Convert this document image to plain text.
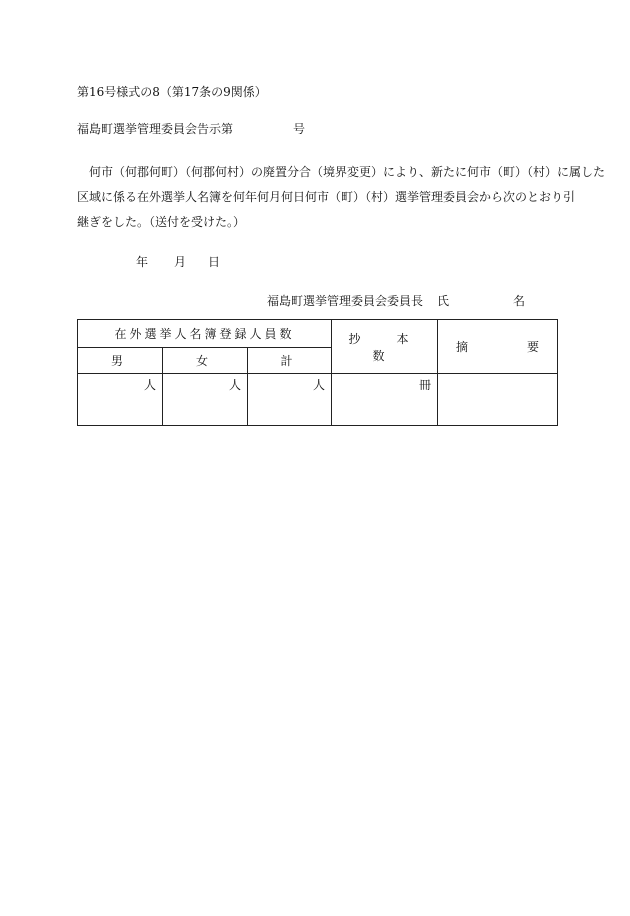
第16号様式の8（第17条の9関係）
福島町選挙管理委員会告示第	号
何市（何郡何町）（何郡何村）の廃置分合（境界変更）により、新たに何市（町）（村）に属した
区域に係る在外選挙人名簿を何年何月何日何市（町）（村）選挙管理委員会から次のとおり引
継ぎをした。（送付を受けた。）
年 月 日
福島町選挙管理委員会委員長 氏	名
在外選挙人名簿登録人員数			抄　本　数	摘 要

男	女	計		
人	人	人	冊	
